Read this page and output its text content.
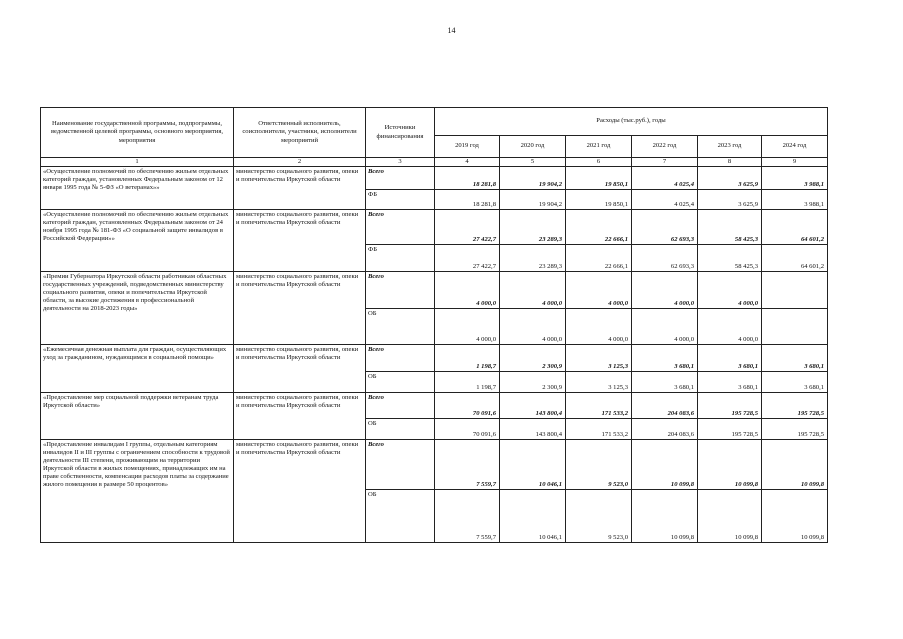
14
Наименование государственной программы, подпрограммы, ведомственной целевой программы, основного мероприятия, мероприятия	Ответственный исполнитель, соисполнители, участники, исполнители мероприятий	Источники финансирования	Расходы (тыс.руб.), годы					
			2019 год	2020 год	2021 год	2022 год	2023 год	2024 год
1	2	3	4	5	6	7	8	9
«Осуществление полномочий по обеспечению жильем отдельных категорий граждан, установленных Федеральным законом от 12 января 1995 года № 5-ФЗ «О ветеранах»»	министерство социального развития, опеки и попечительства Иркутской области	Всего	18 281,8	19 904,2	19 850,1	4 025,4	3 625,9	3 988,1
		ФБ	18 281,8	19 904,2	19 850,1	4 025,4	3 625,9	3 988,1
«Осуществление полномочий по обеспечению жильем отдельных категорий граждан, установленных Федеральным законом от 24 ноября 1995 года № 181-ФЗ «О социальной защите инвалидов в Российской Федерации»»	министерство социального развития, опеки и попечительства Иркутской области	Всего	27 422,7	23 289,3	22 666,1	62 693,3	58 425,3	64 601,2
		ФБ	27 422,7	23 289,3	22 666,1	62 693,3	58 425,3	64 601,2
«Премии Губернатора Иркутской области работникам областных государственных учреждений, подведомственных министерству социального развития, опеки и попечительства Иркутской области, за высокие достижения в профессиональной деятельности на 2018-2023 годы»	министерство социального развития, опеки и попечительства Иркутской области	Всего	4 000,0	4 000,0	4 000,0	4 000,0	4 000,0	
		ОБ	4 000,0	4 000,0	4 000,0	4 000,0	4 000,0	
«Ежемесячная денежная выплата для граждан, осуществляющих уход за гражданином, нуждающимся в социальной помощи»	министерство социального развития, опеки и попечительства Иркутской области	Всего	1 198,7	2 300,9	3 125,3	3 680,1	3 680,1	3 680,1
		ОБ	1 198,7	2 300,9	3 125,3	3 680,1	3 680,1	3 680,1
«Предоставление мер социальной поддержки ветеранам труда Иркутской области»	министерство социального развития, опеки и попечительства Иркутской области	Всего	70 091,6	143 800,4	171 533,2	204 083,6	195 728,5	195 728,5
		ОБ	70 091,6	143 800,4	171 533,2	204 083,6	195 728,5	195 728,5
«Предоставление инвалидам I группы, отдельным категориям инвалидов II и III группы с ограничением способности к трудовой деятельности III степени, проживающим на территории Иркутской области в жилых помещениях, принадлежащих им на праве собственности, компенсации расходов платы за содержание жилого помещения в размере 50 процентов»	министерство социального развития, опеки и попечительства Иркутской области	Всего	7 559,7	10 046,1	9 523,0	10 099,8	10 099,8	10 099,8
		ОБ	7 559,7	10 046,1	9 523,0	10 099,8	10 099,8	10 099,8
